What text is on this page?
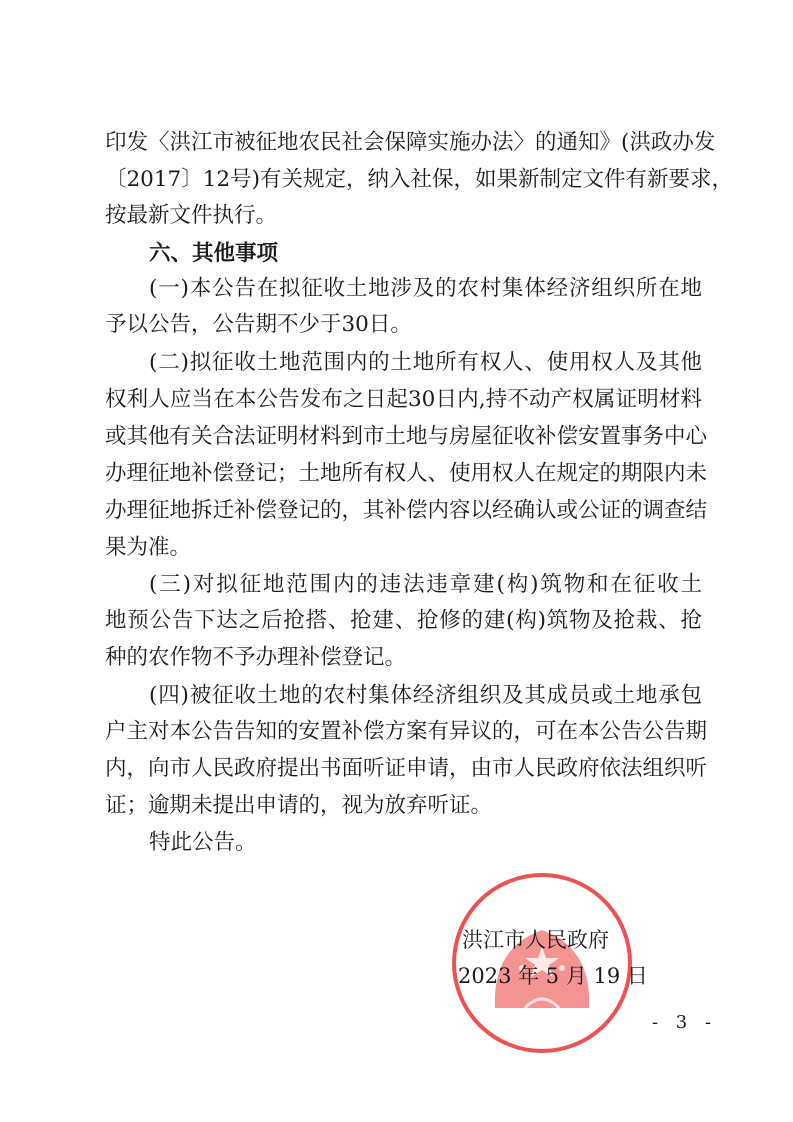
印发〈洪江市被征地农民社会保障实施办法〉的通知》(洪政办发
〔2017〕12号)有关规定，纳入社保，如果新制定文件有新要求，
按最新文件执行。
六、其他事项
(一)本公告在拟征收土地涉及的农村集体经济组织所在地
予以公告，公告期不少于30日。
(二)拟征收土地范围内的土地所有权人、使用权人及其他
权利人应当在本公告发布之日起30日内,持不动产权属证明材料
或其他有关合法证明材料到市土地与房屋征收补偿安置事务中心
办理征地补偿登记；土地所有权人、使用权人在规定的期限内未
办理征地拆迁补偿登记的，其补偿内容以经确认或公证的调查结
果为准。
(三)对拟征地范围内的违法违章建(构)筑物和在征收土
地预公告下达之后抢搭、抢建、抢修的建(构)筑物及抢栽、抢
种的农作物不予办理补偿登记。
(四)被征收土地的农村集体经济组织及其成员或土地承包
户主对本公告告知的安置补偿方案有异议的，可在本公告公告期
内，向市人民政府提出书面听证申请，由市人民政府依法组织听
证；逾期未提出申请的，视为放弃听证。
特此公告。
洪江市人民政府
2023 年 5 月 19 日
- 3 -
